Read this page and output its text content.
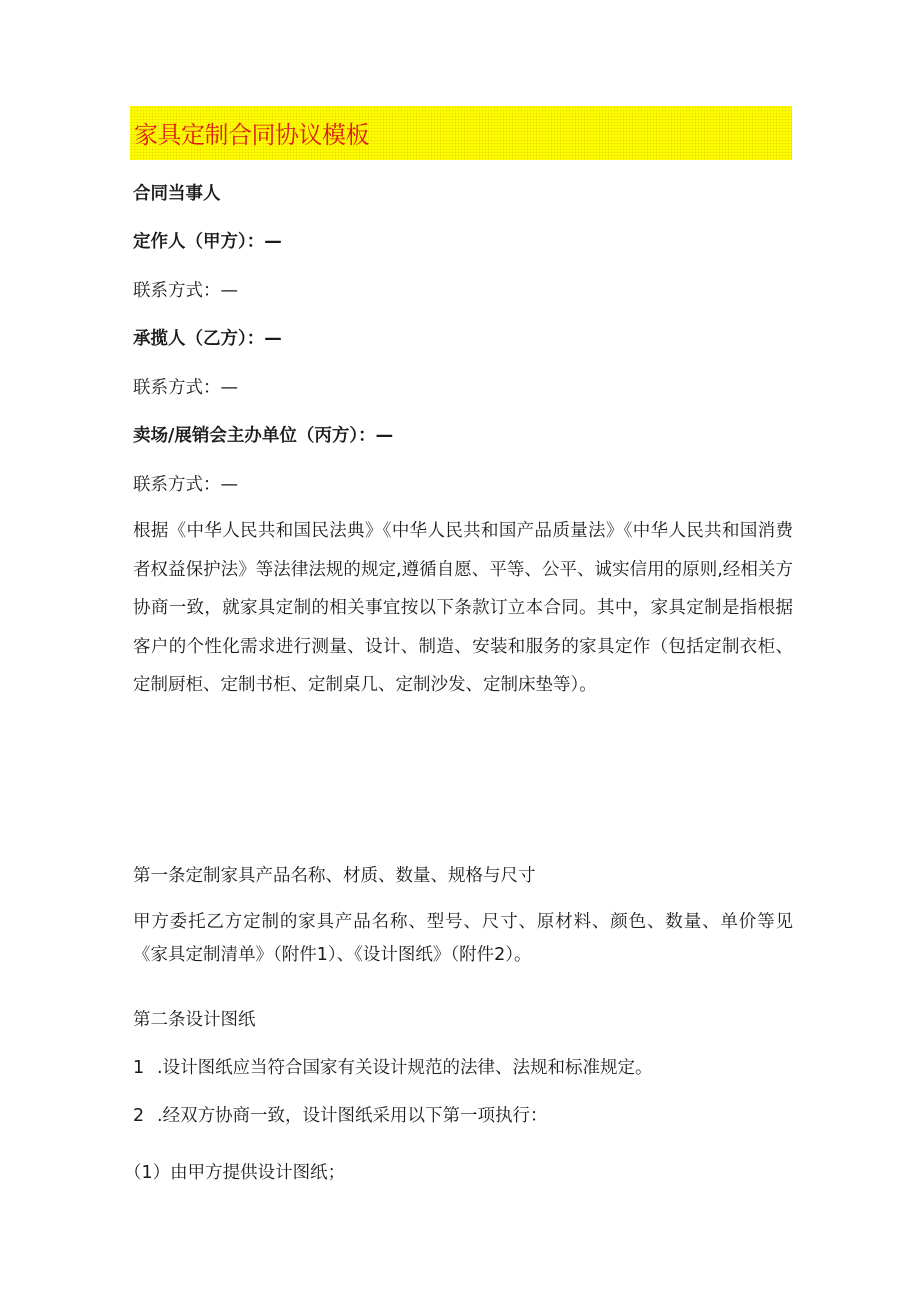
家具定制合同协议模板
合同当事人
定作人（甲方）：—
联系方式：—
承揽人（乙方）：—
联系方式：—
卖场/展销会主办单位（丙方）：—
联系方式：—
根据《中华人民共和国民法典》《中华人民共和国产品质量法》《中华人民共和国消费者权益保护法》等法律法规的规定,遵循自愿、平等、公平、诚实信用的原则,经相关方协商一致，就家具定制的相关事宜按以下条款订立本合同。其中，家具定制是指根据客户的个性化需求进行测量、设计、制造、安装和服务的家具定作（包括定制衣柜、定制厨柜、定制书柜、定制桌几、定制沙发、定制床垫等）。
第一条定制家具产品名称、材质、数量、规格与尺寸
甲方委托乙方定制的家具产品名称、型号、尺寸、原材料、颜色、数量、单价等见《家具定制清单》（附件1）、《设计图纸》（附件2）。
第二条设计图纸
1 .设计图纸应当符合国家有关设计规范的法律、法规和标准规定。
2 .经双方协商一致，设计图纸采用以下第一项执行：
（1）由甲方提供设计图纸；
